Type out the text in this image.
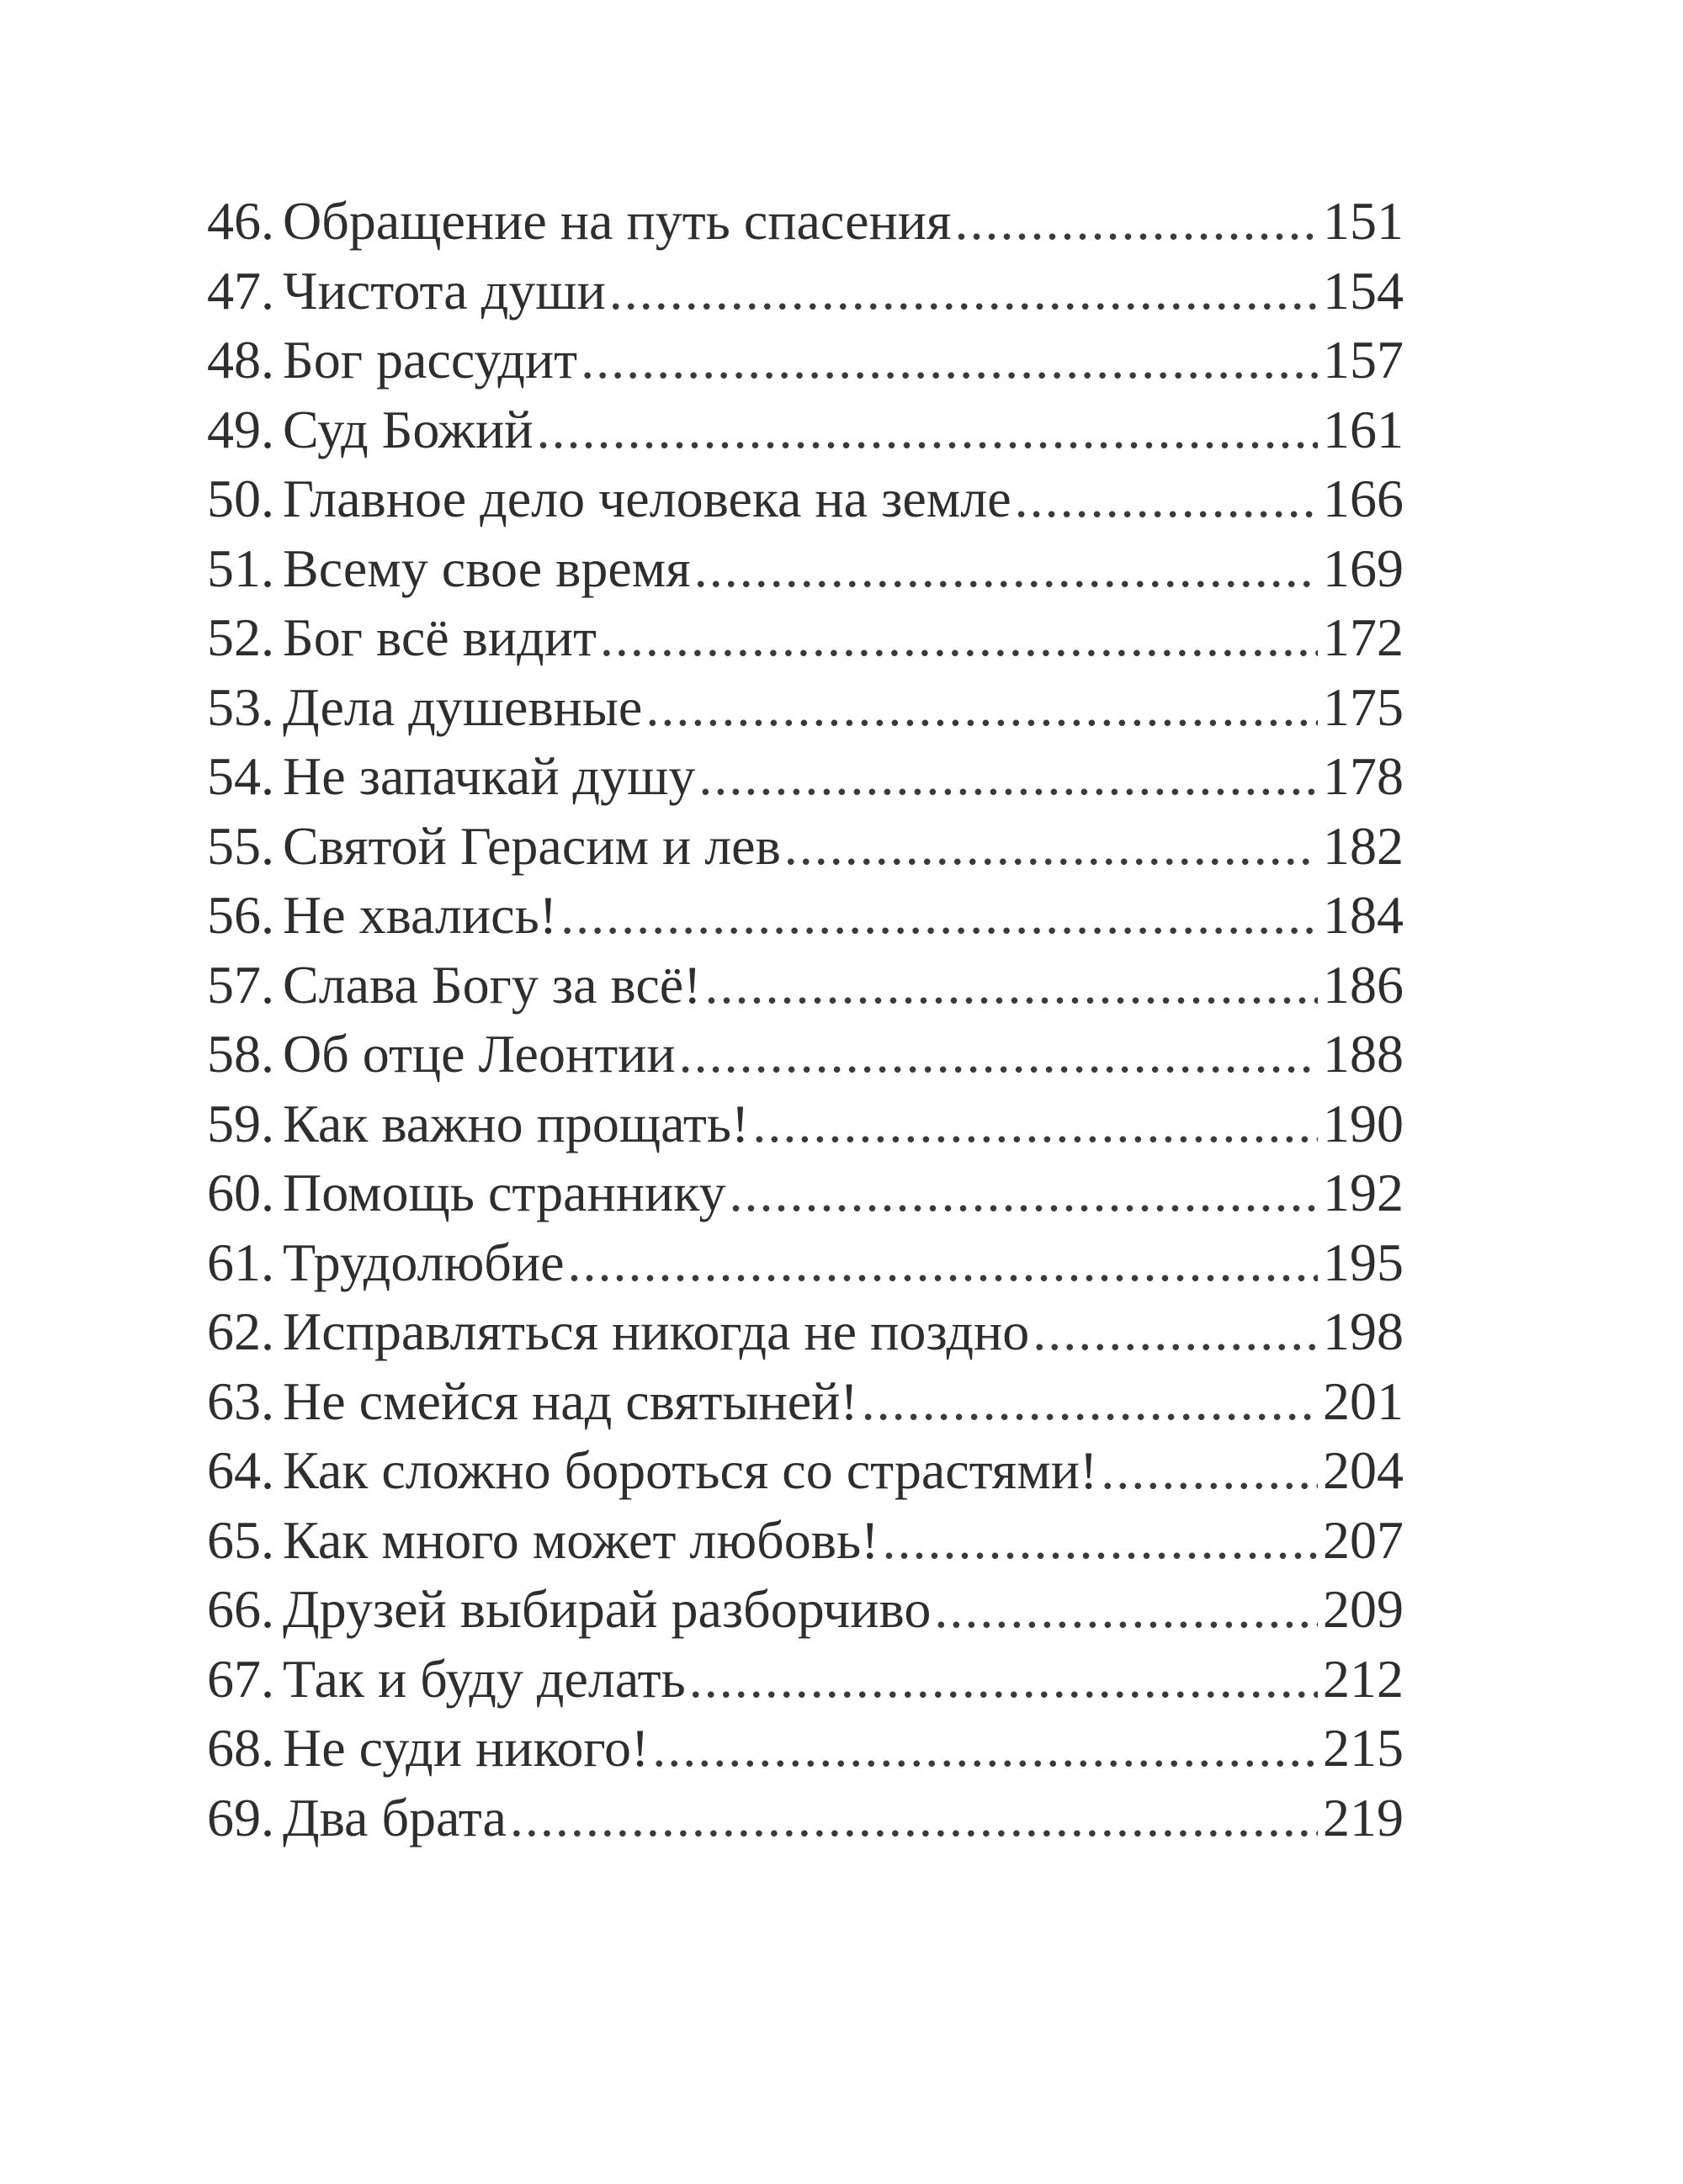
46. Обращение на путь спасения .....	151
47. Чистота души .....	154
48. Бог рассудит .....	157
49. Суд Божий .....	161
50. Главное дело человека на земле .....	166
51. Всему свое время .....	169
52. Бог всё видит .....	172
53. Дела душевные .....	175
54. Не запачкай душу .....	178
55. Святой Герасим и лев .....	182
56. Не хвались! .....	184
57. Слава Богу за всё! .....	186
58. Об отце Леонтии .....	188
59. Как важно прощать! .....	190
60. Помощь страннику .....	192
61. Трудолюбие .....	195
62. Исправляться никогда не поздно .....	198
63. Не смейся над святыней! .....	201
64. Как сложно бороться со страстями! .....	204
65. Как много может любовь! .....	207
66. Друзей выбирай разборчиво .....	209
67. Так и буду делать .....	212
68. Не суди никого! .....	215
69. Два брата .....	219
